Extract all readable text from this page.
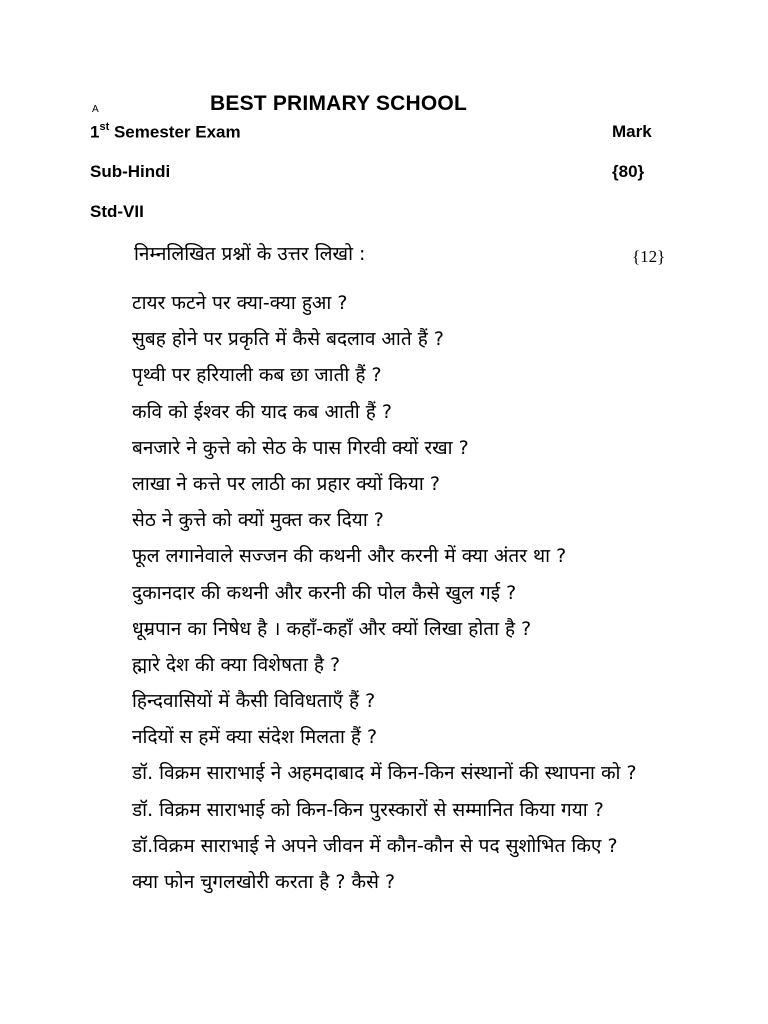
A	BEST PRIMARY SCHOOL
1st Semester Exam	Mark
Sub-Hindi	{80}
Std-VII
निम्नलिखित प्रश्नों के उत्तर लिखो :	{12}
टायर फटने पर क्या-क्या हुआ ?
सुबह होने पर प्रकृति में कैसे बदलाव आते हैं ?
पृथ्वी पर हरियाली कब छा जाती हैं ?
कवि को ईश्वर की याद कब आती हैं ?
बनजारे ने कुत्ते को सेठ के पास गिरवी क्यों रखा ?
लाखा ने कत्ते पर लाठी का प्रहार क्यों किया ?
सेठ ने कुत्ते को क्यों मुक्त कर दिया ?
फूल लगानेवाले सज्जन की कथनी और करनी में क्या अंतर था ?
दुकानदार की कथनी और करनी की पोल कैसे खुल गई ?
धूम्रपान का निषेध है । कहाँ-कहाँ और क्यों लिखा होता है ?
ह्मारे देश की क्या विशेषता है ?
हिन्दवासियों में कैसी विविधताएँ हैं ?
नदियों स हमें क्या संदेश मिलता हैं ?
डॉ. विक्रम साराभाई ने अहमदाबाद में किन-किन संस्थानों की स्थापना को ?
डॉ. विक्रम साराभाई को किन-किन पुरस्कारों से सम्मानित किया गया ?
डॉ.विक्रम साराभाई ने अपने जीवन में कौन-कौन से पद सुशोभित किए ?
क्या फोन चुगलखोरी करता है ? कैसे ?
